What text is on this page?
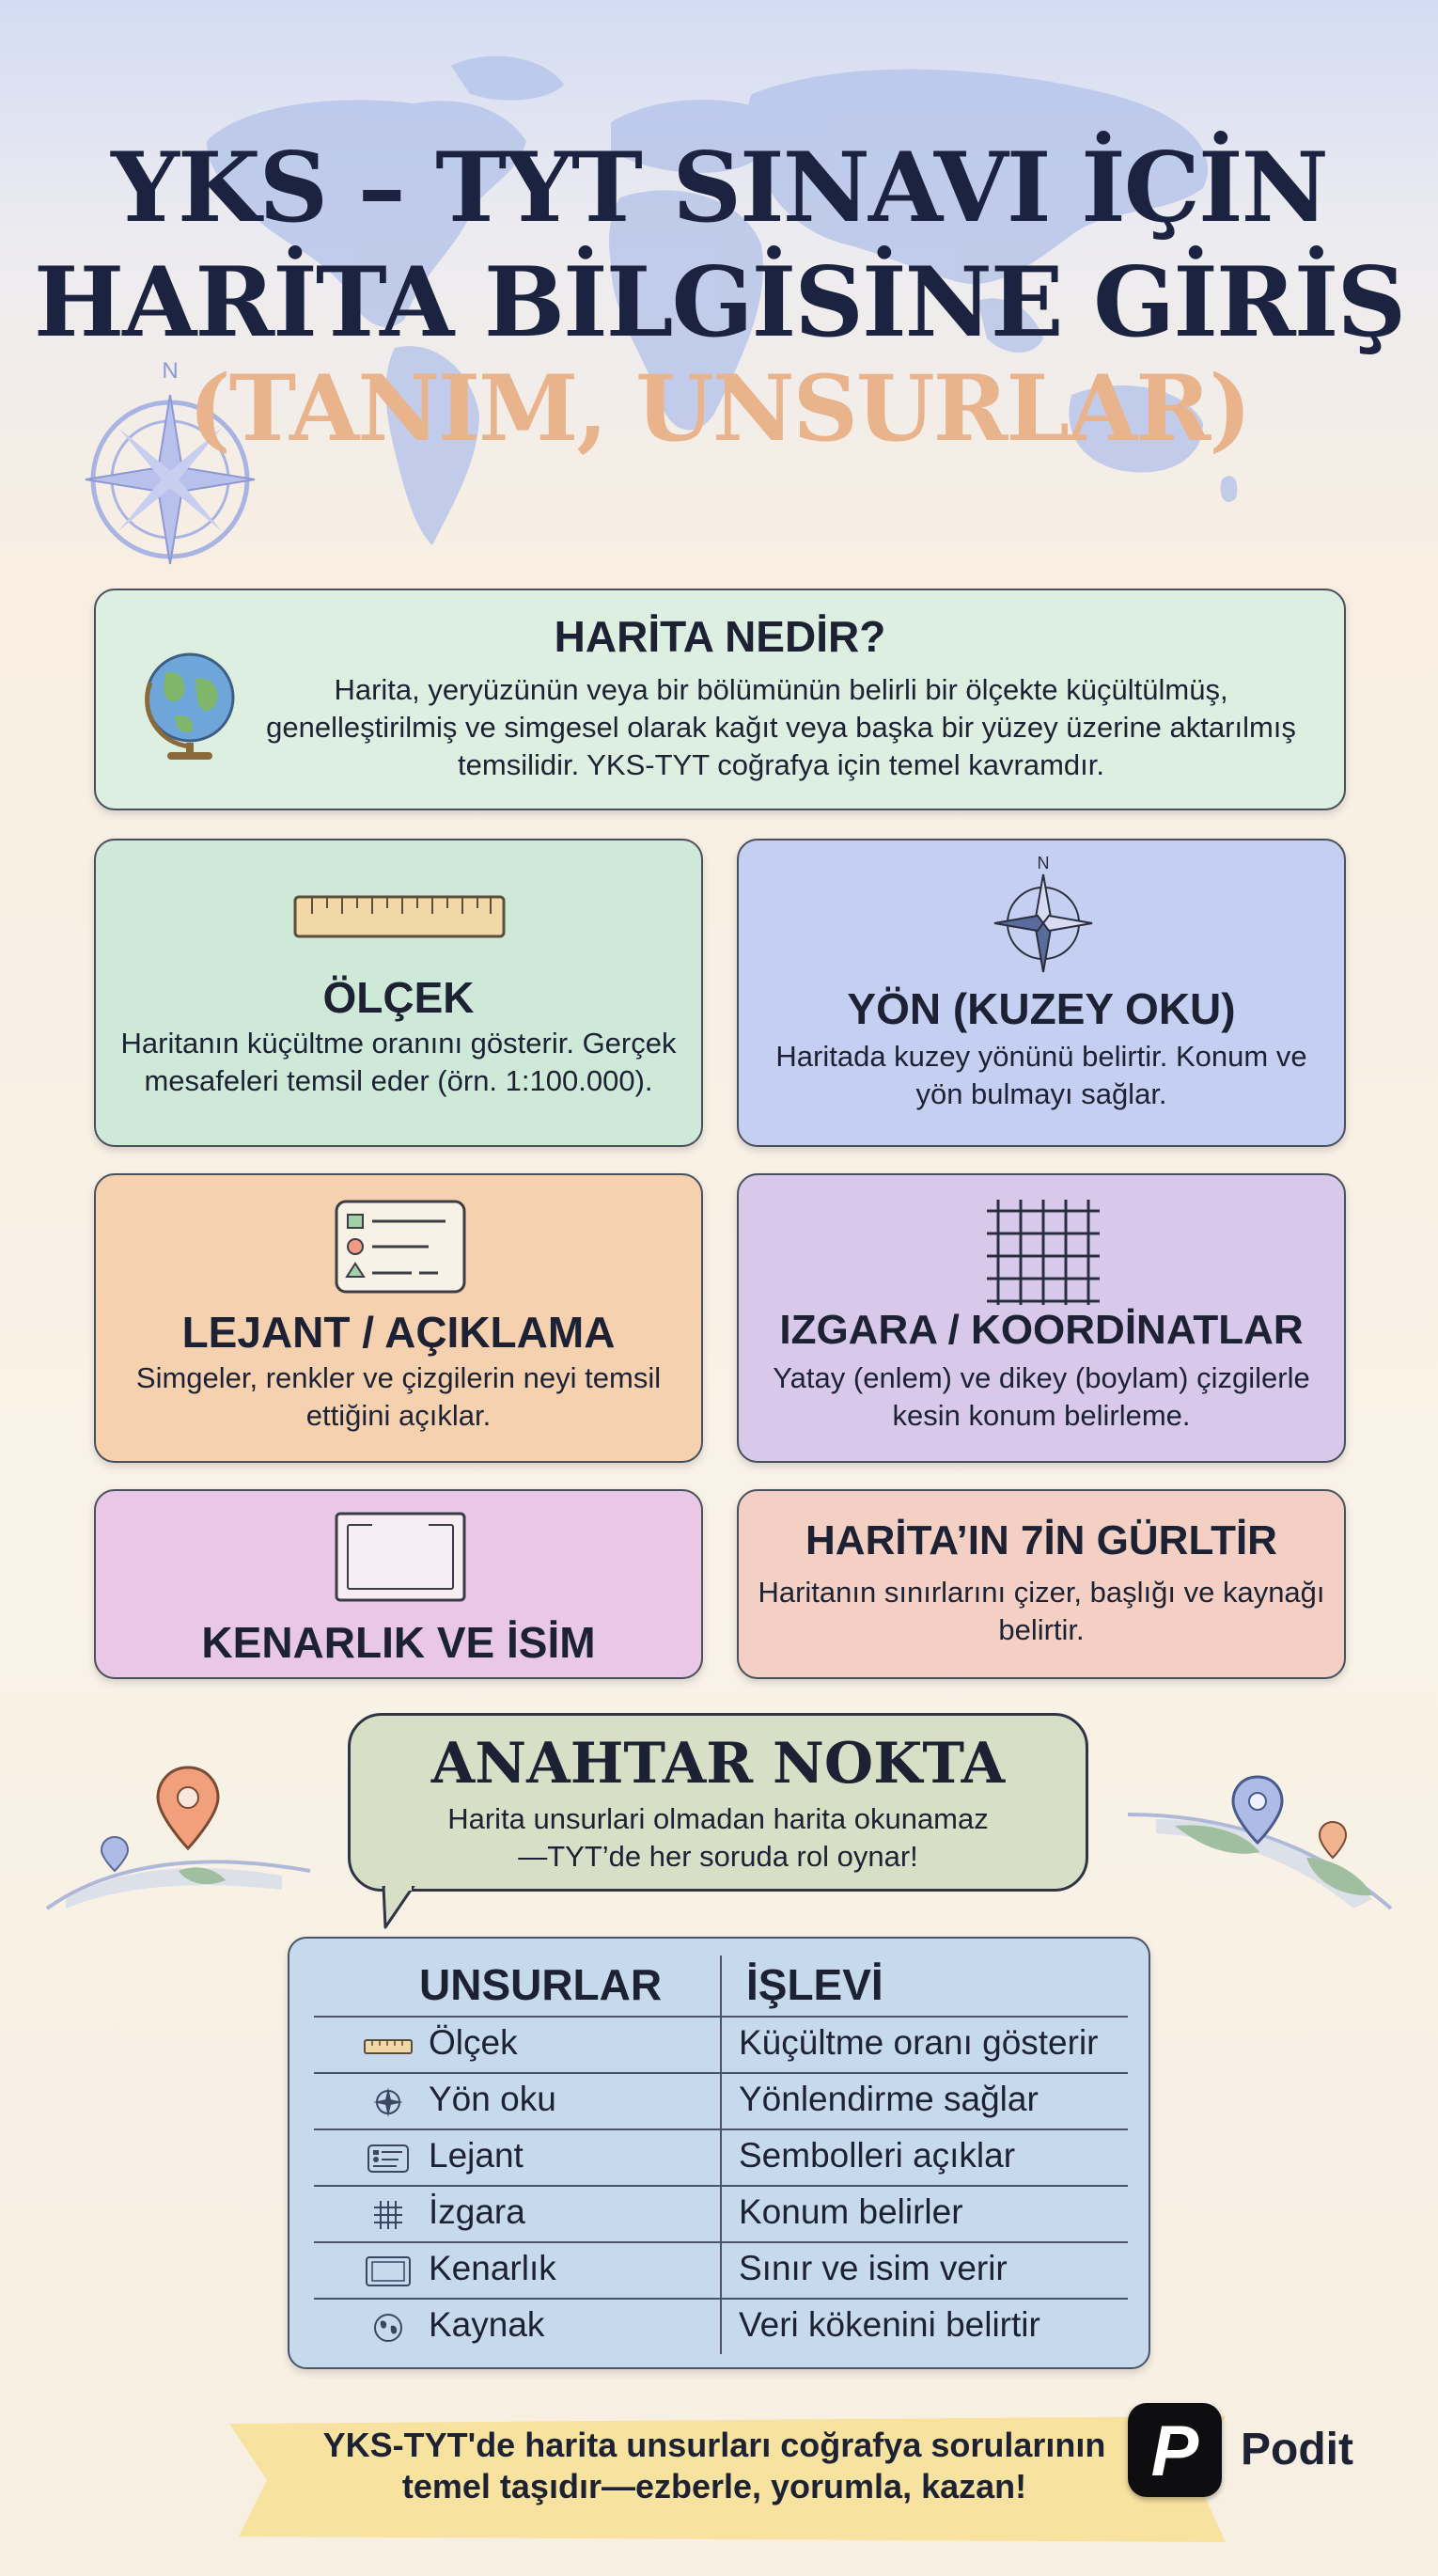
N
YKS – TYT SINAVI İÇİN
HARİTA BİLGİSİNE GİRİŞ
(TANIM, UNSURLAR)
HARİTA NEDİR?
Harita, yeryüzünün veya bir bölümünün belirli bir ölçekte küçültülmüş, genelleştirilmiş ve simgesel olarak kağıt veya başka bir yüzey üzerine aktarılmış temsilidir. YKS-TYT coğrafya için temel kavramdır.
ÖLÇEK
Haritanın küçültme oranını gösterir. Gerçek mesafeleri temsil eder (örn. 1:100.000).
N
YÖN (KUZEY OKU)
Haritada kuzey yönünü belirtir. Konum ve yön bulmayı sağlar.
LEJANT / AÇIKLAMA
Simgeler, renkler ve çizgilerin neyi temsil ettiğini açıklar.
IZGARA / KOORDİNATLAR
Yatay (enlem) ve dikey (boylam) çizgilerle kesin konum belirleme.
KENARLIK VE İSİM
HARİTA’IN 7İN GÜRLTİR
Haritanın sınırlarını çizer, başlığı ve kaynağı belirtir.
ANAHTAR NOKTA
Harita unsurlari olmadan harita okunamaz—TYT’de her soruda rol oynar!
UNSURLAR İŞLEVİ
Ölçek	Küçültme oranı gösterir
Yön oku	Yönlendirme sağlar
Lejant	Sembolleri açıklar
İzgara	Konum belirler
Kenarlık	Sınır ve isim verir
Kaynak	Veri kökenini belirtir
YKS-TYT'de harita unsurları coğrafya sorularının
temel taşıdır—ezberle, yorumla, kazan!	P Podit
